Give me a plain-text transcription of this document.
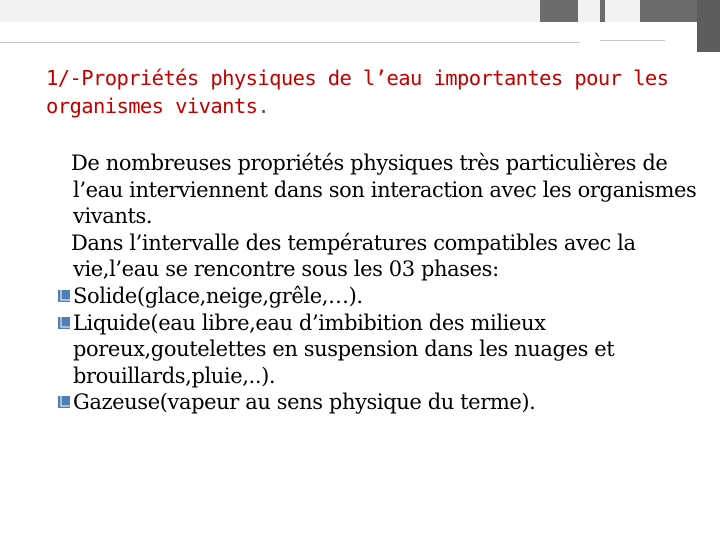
1/-Propriétés physiques de l’eau importantes pour les organismes vivants.

De nombreuses propriétés physiques très particulières de l’eau interviennent dans son interaction avec les organismes vivants.

Dans l’intervalle des températures compatibles avec la vie,l’eau se rencontre sous les 03 phases:

Solide(glace,neige,grêle,…).

Liquide(eau libre,eau d’imbibition des milieux poreux,goutelettes en suspension dans les nuages et brouillards,pluie,..).

Gazeuse(vapeur au sens physique du terme).
